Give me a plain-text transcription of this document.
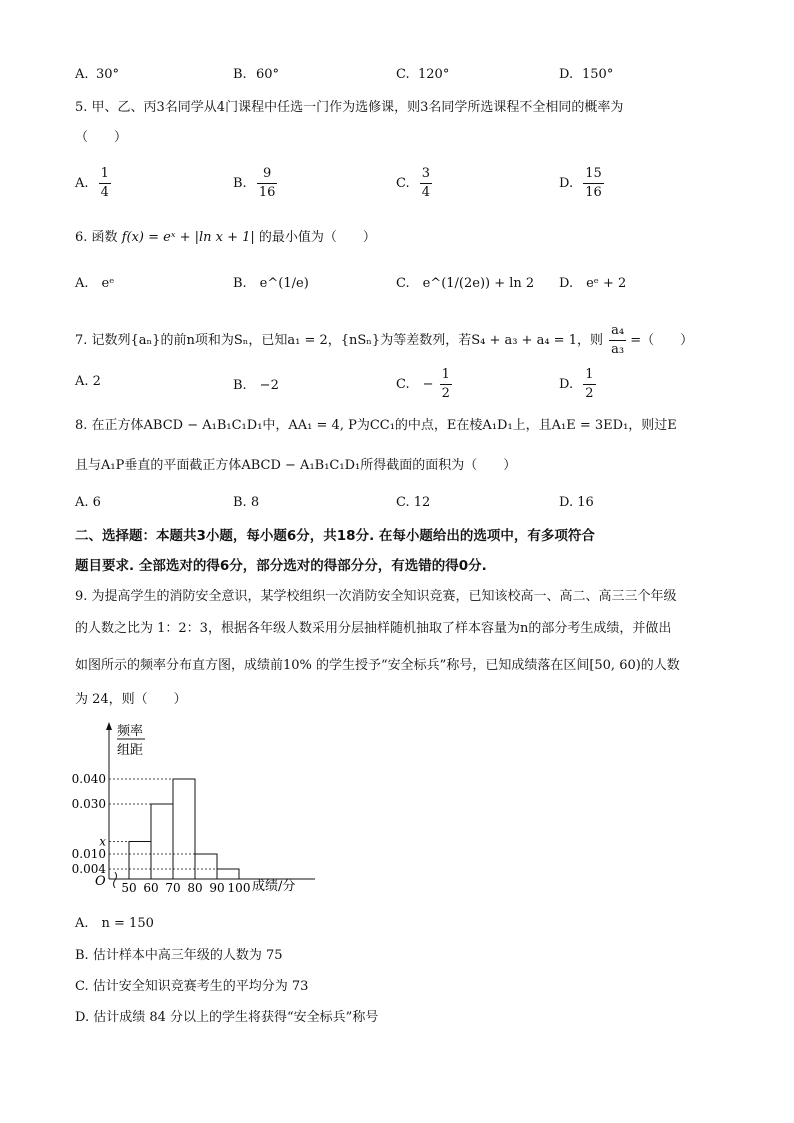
A. 30°	B. 60°	C. 120°	D. 150°
5. 甲、乙、丙3名同学从4门课程中任选一门作为选修课，则3名同学所选课程不全相同的概率为
（　　）
A. $\frac{1}{4}$	B. $\frac{9}{16}$	C. $\frac{3}{4}$	D. $\frac{15}{16}$
6. 函数 f(x) = eˣ + |ln x + 1| 的最小值为（　　）
A.　eᵉ	B.　e^(1/e)	C.　e^(1/(2e)) + ln 2 D.　eᵉ + 2
7. 记数列{aₙ}的前n项和为Sₙ，已知a₁ = 2，{nSₙ}为等差数列，若S₄ + a₃ + a₄ = 1，则 $\frac{\text{a₄}}{\text{a₃}}$ =（　　）
A. 2	B.　−2	C.　− $\frac{1}{2}$	D. $\frac{1}{2}$
8. 在正方体ABCD − A₁B₁C₁D₁中，AA₁ = 4, P为CC₁的中点，E在棱A₁D₁上，且A₁E = 3ED₁，则过E
且与A₁P垂直的平面截正方体ABCD − A₁B₁C₁D₁所得截面的面积为（　　）
A. 6	B. 8	C. 12	D. 16
二、选择题：本题共3小题，每小题6分，共18分. 在每小题给出的选项中，有多项符合
题目要求. 全部选对的得6分，部分选对的得部分分，有选错的得0分.
9. 为提高学生的消防安全意识，某学校组织一次消防安全知识竞赛，已知该校高一、高二、高三三个年级
的人数之比为 1：2：3，根据各年级人数采用分层抽样随机抽取了样本容量为n的部分考生成绩，并做出
如图所示的频率分布直方图，成绩前10% 的学生授予“安全标兵”称号，已知成绩落在区间[50, 60)的人数
为 24，则（　　）
频率
组距
O	成绩/分
0.040
0.030
x
0.010
0.004
50 60 70 80 90 100
A.　n = 150
B. 估计样本中高三年级的人数为 75
C. 估计安全知识竞赛考生的平均分为 73
D. 估计成绩 84 分以上的学生将获得“安全标兵”称号
